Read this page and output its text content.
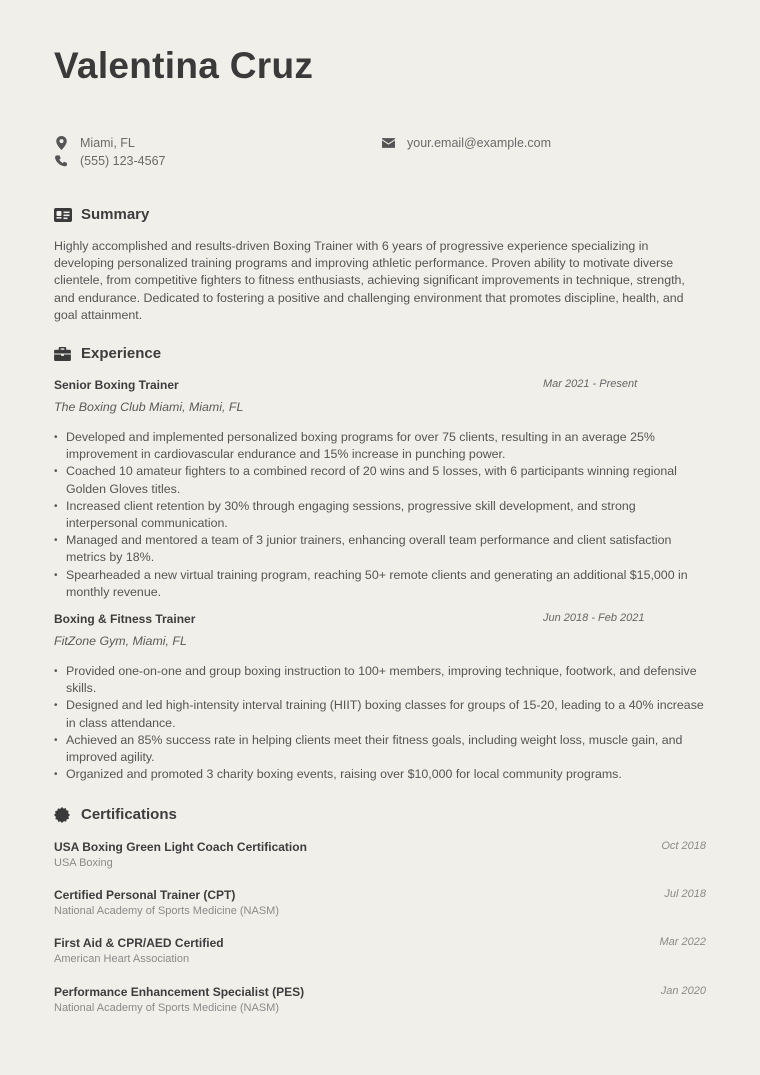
Valentina Cruz
Miami, FL
(555) 123-4567
your.email@example.com
Summary

Highly accomplished and results-driven Boxing Trainer with 6 years of progressive experience specializing in developing personalized training programs and improving athletic performance. Proven ability to motivate diverse clientele, from competitive fighters to fitness enthusiasts, achieving significant improvements in technique, strength, and endurance. Dedicated to fostering a positive and challenging environment that promotes discipline, health, and goal attainment.

Experience
Senior Boxing Trainer	Mar 2021 - Present
The Boxing Club Miami, Miami, FL
• Developed and implemented personalized boxing programs for over 75 clients, resulting in an average 25% improvement in cardiovascular endurance and 15% increase in punching power.
• Coached 10 amateur fighters to a combined record of 20 wins and 5 losses, with 6 participants winning regional Golden Gloves titles.
• Increased client retention by 30% through engaging sessions, progressive skill development, and strong interpersonal communication.
• Managed and mentored a team of 3 junior trainers, enhancing overall team performance and client satisfaction metrics by 18%.
• Spearheaded a new virtual training program, reaching 50+ remote clients and generating an additional $15,000 in monthly revenue.
Boxing & Fitness Trainer	Jun 2018 - Feb 2021
FitZone Gym, Miami, FL
• Provided one-on-one and group boxing instruction to 100+ members, improving technique, footwork, and defensive skills.
• Designed and led high-intensity interval training (HIIT) boxing classes for groups of 15-20, leading to a 40% increase in class attendance.
• Achieved an 85% success rate in helping clients meet their fitness goals, including weight loss, muscle gain, and improved agility.
• Organized and promoted 3 charity boxing events, raising over $10,000 for local community programs.
Certifications
USA Boxing Green Light Coach Certification	Oct 2018
USA Boxing
Certified Personal Trainer (CPT)	Jul 2018
National Academy of Sports Medicine (NASM)
First Aid & CPR/AED Certified	Mar 2022
American Heart Association
Performance Enhancement Specialist (PES)	Jan 2020
National Academy of Sports Medicine (NASM)
